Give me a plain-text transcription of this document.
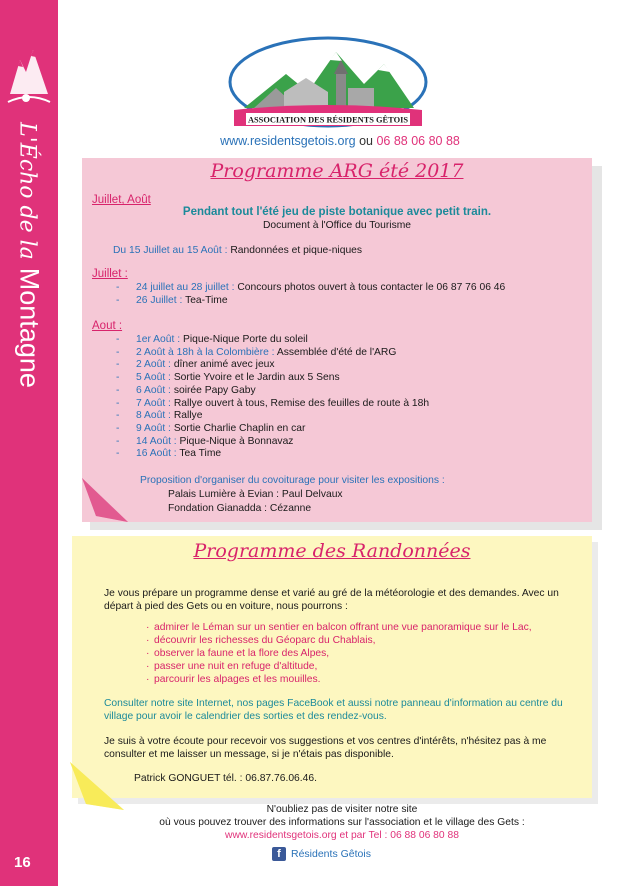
L'Écho de laMontagne
16
ASSOCIATION DES RÉSIDENTS GÊTOIS
www.residentsgetois.org ou 06 88 06 80 88
Programme ARG été 2017
Juillet, Août
Pendant tout l'été jeu de piste botanique avec petit train.
Document à l'Office du Tourisme
Du 15 Juillet au 15 Août : Randonnées et pique-niques
Juillet :
- 24 juillet au 28 juillet : Concours photos ouvert à tous contacter le 06 87 76 06 46
- 26 Juillet : Tea-Time
Aout :
- 1er Août : Pique-Nique Porte du soleil
- 2 Août à 18h à la Colombière : Assemblée d'été de l'ARG
- 2 Août : dîner animé avec jeux
- 5 Août : Sortie Yvoire et le Jardin aux 5 Sens
- 6 Août : soirée Papy Gaby
- 7 Août : Rallye ouvert à tous, Remise des feuilles de route à 18h
- 8 Août : Rallye
- 9 Août : Sortie Charlie Chaplin en car
- 14 Août : Pique-Nique à Bonnavaz
- 16 Août : Tea Time
Proposition d'organiser du covoiturage pour visiter les expositions :
Palais Lumière à Evian : Paul Delvaux
Fondation Gianadda : Cézanne
Programme des Randonnées
Je vous prépare un programme dense et varié au gré de la météorologie et des demandes. Avec un départ à pied des Gets ou en voiture, nous pourrons :
· admirer le Léman sur un sentier en balcon offrant une vue panoramique sur le Lac,
· découvrir les richesses du Géoparc du Chablais,
· observer la faune et la flore des Alpes,
· passer une nuit en refuge d'altitude,
· parcourir les alpages et les mouilles.
Consulter notre site Internet, nos pages FaceBook et aussi notre panneau d'information au centre du village pour avoir le calendrier des sorties et des rendez-vous.
Je suis à votre écoute pour recevoir vos suggestions et vos centres d'intérêts, n'hésitez pas à me consulter et me laisser un message, si je n'étais pas disponible.
Patrick GONGUET tél. : 06.87.76.06.46.
N'oubliez pas de visiter notre site
où vous pouvez trouver des informations sur l'association et le village des Gets :
www.residentsgetois.org et par Tel : 06 88 06 80 88
f Résidents Gêtois
